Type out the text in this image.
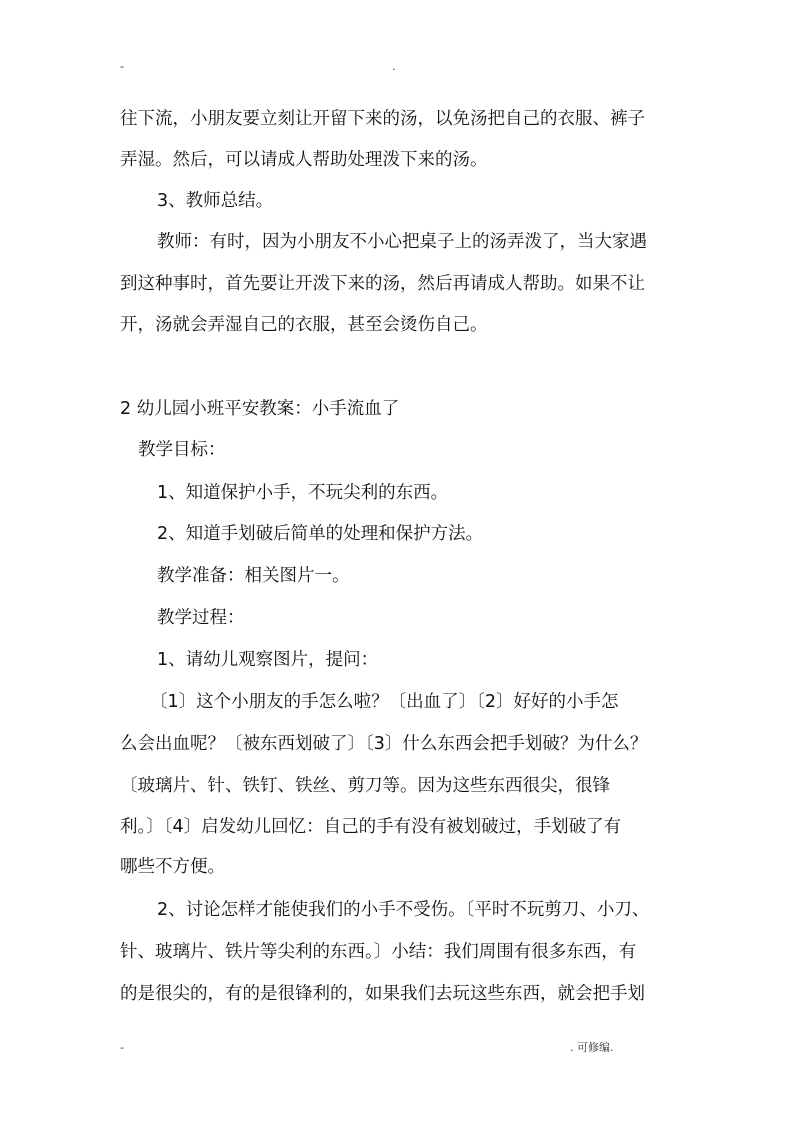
-	.
往下流，小朋友要立刻让开留下来的汤，以免汤把自己的衣服、裤子
弄湿。然后，可以请成人帮助处理泼下来的汤。
3、教师总结。
教师：有时，因为小朋友不小心把桌子上的汤弄泼了，当大家遇
到这种事时，首先要让开泼下来的汤，然后再请成人帮助。如果不让
开，汤就会弄湿自己的衣服，甚至会烫伤自己。
2 幼儿园小班平安教案：小手流血了
教学目标：
1、知道保护小手，不玩尖利的东西。
2、知道手划破后简单的处理和保护方法。
教学准备：相关图片一。
教学过程：
1、请幼儿观察图片，提问：
〔1〕这个小朋友的手怎么啦？〔出血了〕〔2〕好好的小手怎
么会出血呢？〔被东西划破了〕〔3〕什么东西会把手划破？为什么？
〔玻璃片、针、铁钉、铁丝、剪刀等。因为这些东西很尖，很锋
利。〕〔4〕启发幼儿回忆：自己的手有没有被划破过，手划破了有
哪些不方便。
2、讨论怎样才能使我们的小手不受伤。〔平时不玩剪刀、小刀、
针、玻璃片、铁片等尖利的东西。〕小结：我们周围有很多东西，有
的是很尖的，有的是很锋利的，如果我们去玩这些东西，就会把手划
-	. 可修编.
